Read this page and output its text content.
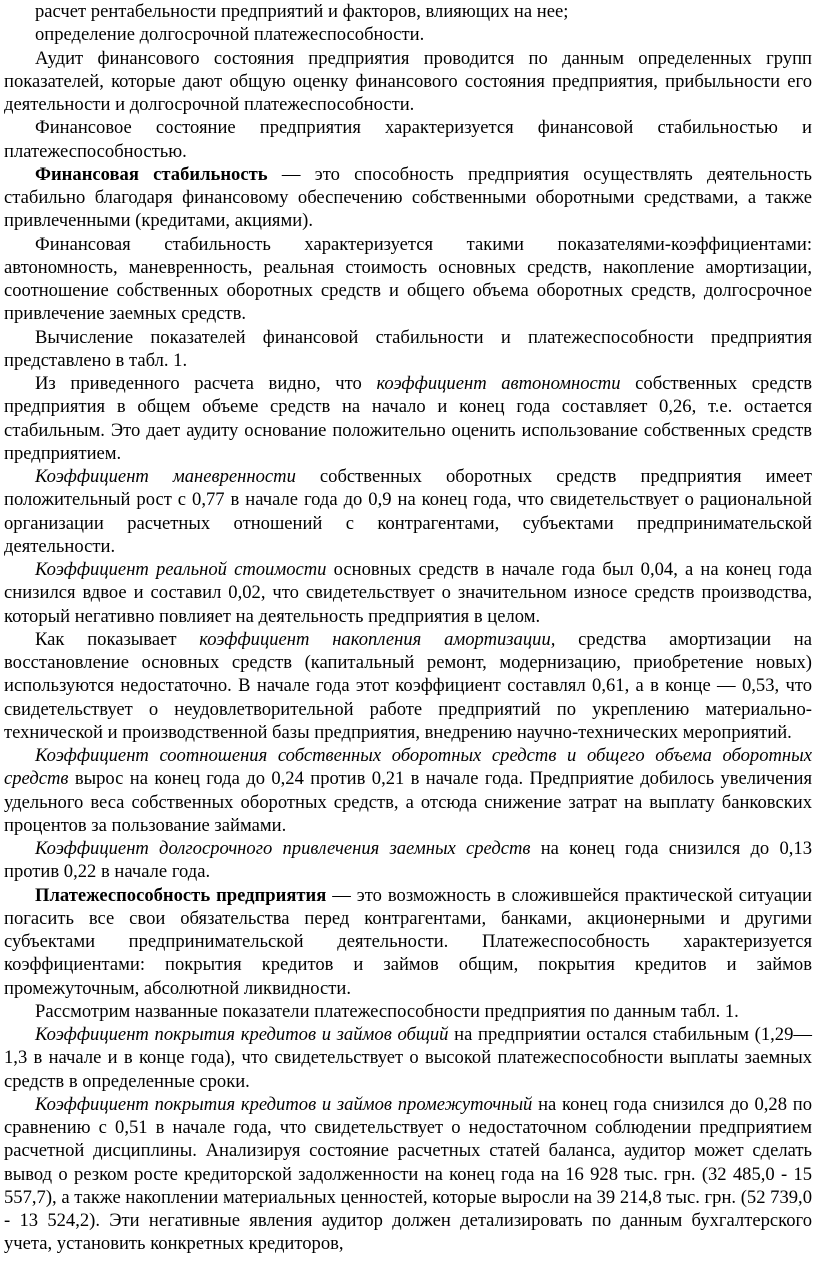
расчет рентабельности предприятий и факторов, влияющих на нее;

определение долгосрочной платежеспособности.

Аудит финансового состояния предприятия проводится по данным определенных групп показателей, которые дают общую оценку финансового состояния предприятия, прибыльности его деятельности и долгосрочной платежеспособности.

Финансовое состояние предприятия характеризуется финансовой стабильностью и платежеспособностью.

Финансовая стабильность — это способность предприятия осуществлять деятельность стабильно благодаря финансовому обеспечению собственными оборотными средствами, а также привлеченными (кредитами, акциями).

Финансовая стабильность характеризуется такими показателями-коэффициентами: автономность, маневренность, реальная стоимость основных средств, накопление амортизации, соотношение собственных оборотных средств и общего объема оборотных средств, долгосрочное привлечение заемных средств.

Вычисление показателей финансовой стабильности и платежеспособности предприятия представлено в табл. 1.

Из приведенного расчета видно, что коэффициент автономности собственных средств предприятия в общем объеме средств на начало и конец года составляет 0,26, т.е. остается стабильным. Это дает аудиту основание положительно оценить использование собственных средств предприятием.

Коэффициент маневренности собственных оборотных средств предприятия имеет положительный рост с 0,77 в начале года до 0,9 на конец года, что свидетельствует о рациональной организации расчетных отношений с контрагентами, субъектами предпринимательской деятельности.

Коэффициент реальной стоимости основных средств в начале года был 0,04, а на конец года снизился вдвое и составил 0,02, что свидетельствует о значительном износе средств производства, который негативно повлияет на деятельность предприятия в целом.

Как показывает коэффициент накопления амортизации, средства амортизации на восстановление основных средств (капитальный ремонт, модернизацию, приобретение новых) используются недостаточно. В начале года этот коэффициент составлял 0,61, а в конце — 0,53, что свидетельствует о неудовлетворительной работе предприятий по укреплению материально-технической и производственной базы предприятия, внедрению научно-технических мероприятий.

Коэффициент соотношения собственных оборотных средств и общего объема оборотных средств вырос на конец года до 0,24 против 0,21 в начале года. Предприятие добилось увеличения удельного веса собственных оборотных средств, а отсюда снижение затрат на выплату банковских процентов за пользование займами.

Коэффициент долгосрочного привлечения заемных средств на конец года снизился до 0,13 против 0,22 в начале года.

Платежеспособность предприятия — это возможность в сложившейся практической ситуации погасить все свои обязательства перед контрагентами, банками, акционерными и другими субъектами предпринимательской деятельности. Платежеспособность характеризуется коэффициентами: покрытия кредитов и займов общим, покрытия кредитов и займов промежуточным, абсолютной ликвидности.

Рассмотрим названные показатели платежеспособности предприятия по данным табл. 1.

Коэффициент покрытия кредитов и займов общий на предприятии остался стабильным (1,29—1,3 в начале и в конце года), что свидетельствует о высокой платежеспособности выплаты заемных средств в определенные сроки.

Коэффициент покрытия кредитов и займов промежуточный на конец года снизился до 0,28 по сравнению с 0,51 в начале года, что свидетельствует о недостаточном соблюдении предприятием расчетной дисциплины. Анализируя состояние расчетных статей баланса, аудитор может сделать вывод о резком росте кредиторской задолженности на конец года на 16 928 тыс. грн. (32 485,0 - 15 557,7), а также накоплении материальных ценностей, которые выросли на 39 214,8 тыс. грн. (52 739,0 - 13 524,2). Эти негативные явления аудитор должен детализировать по данным бухгалтерского учета, установить конкретных кредиторов,
